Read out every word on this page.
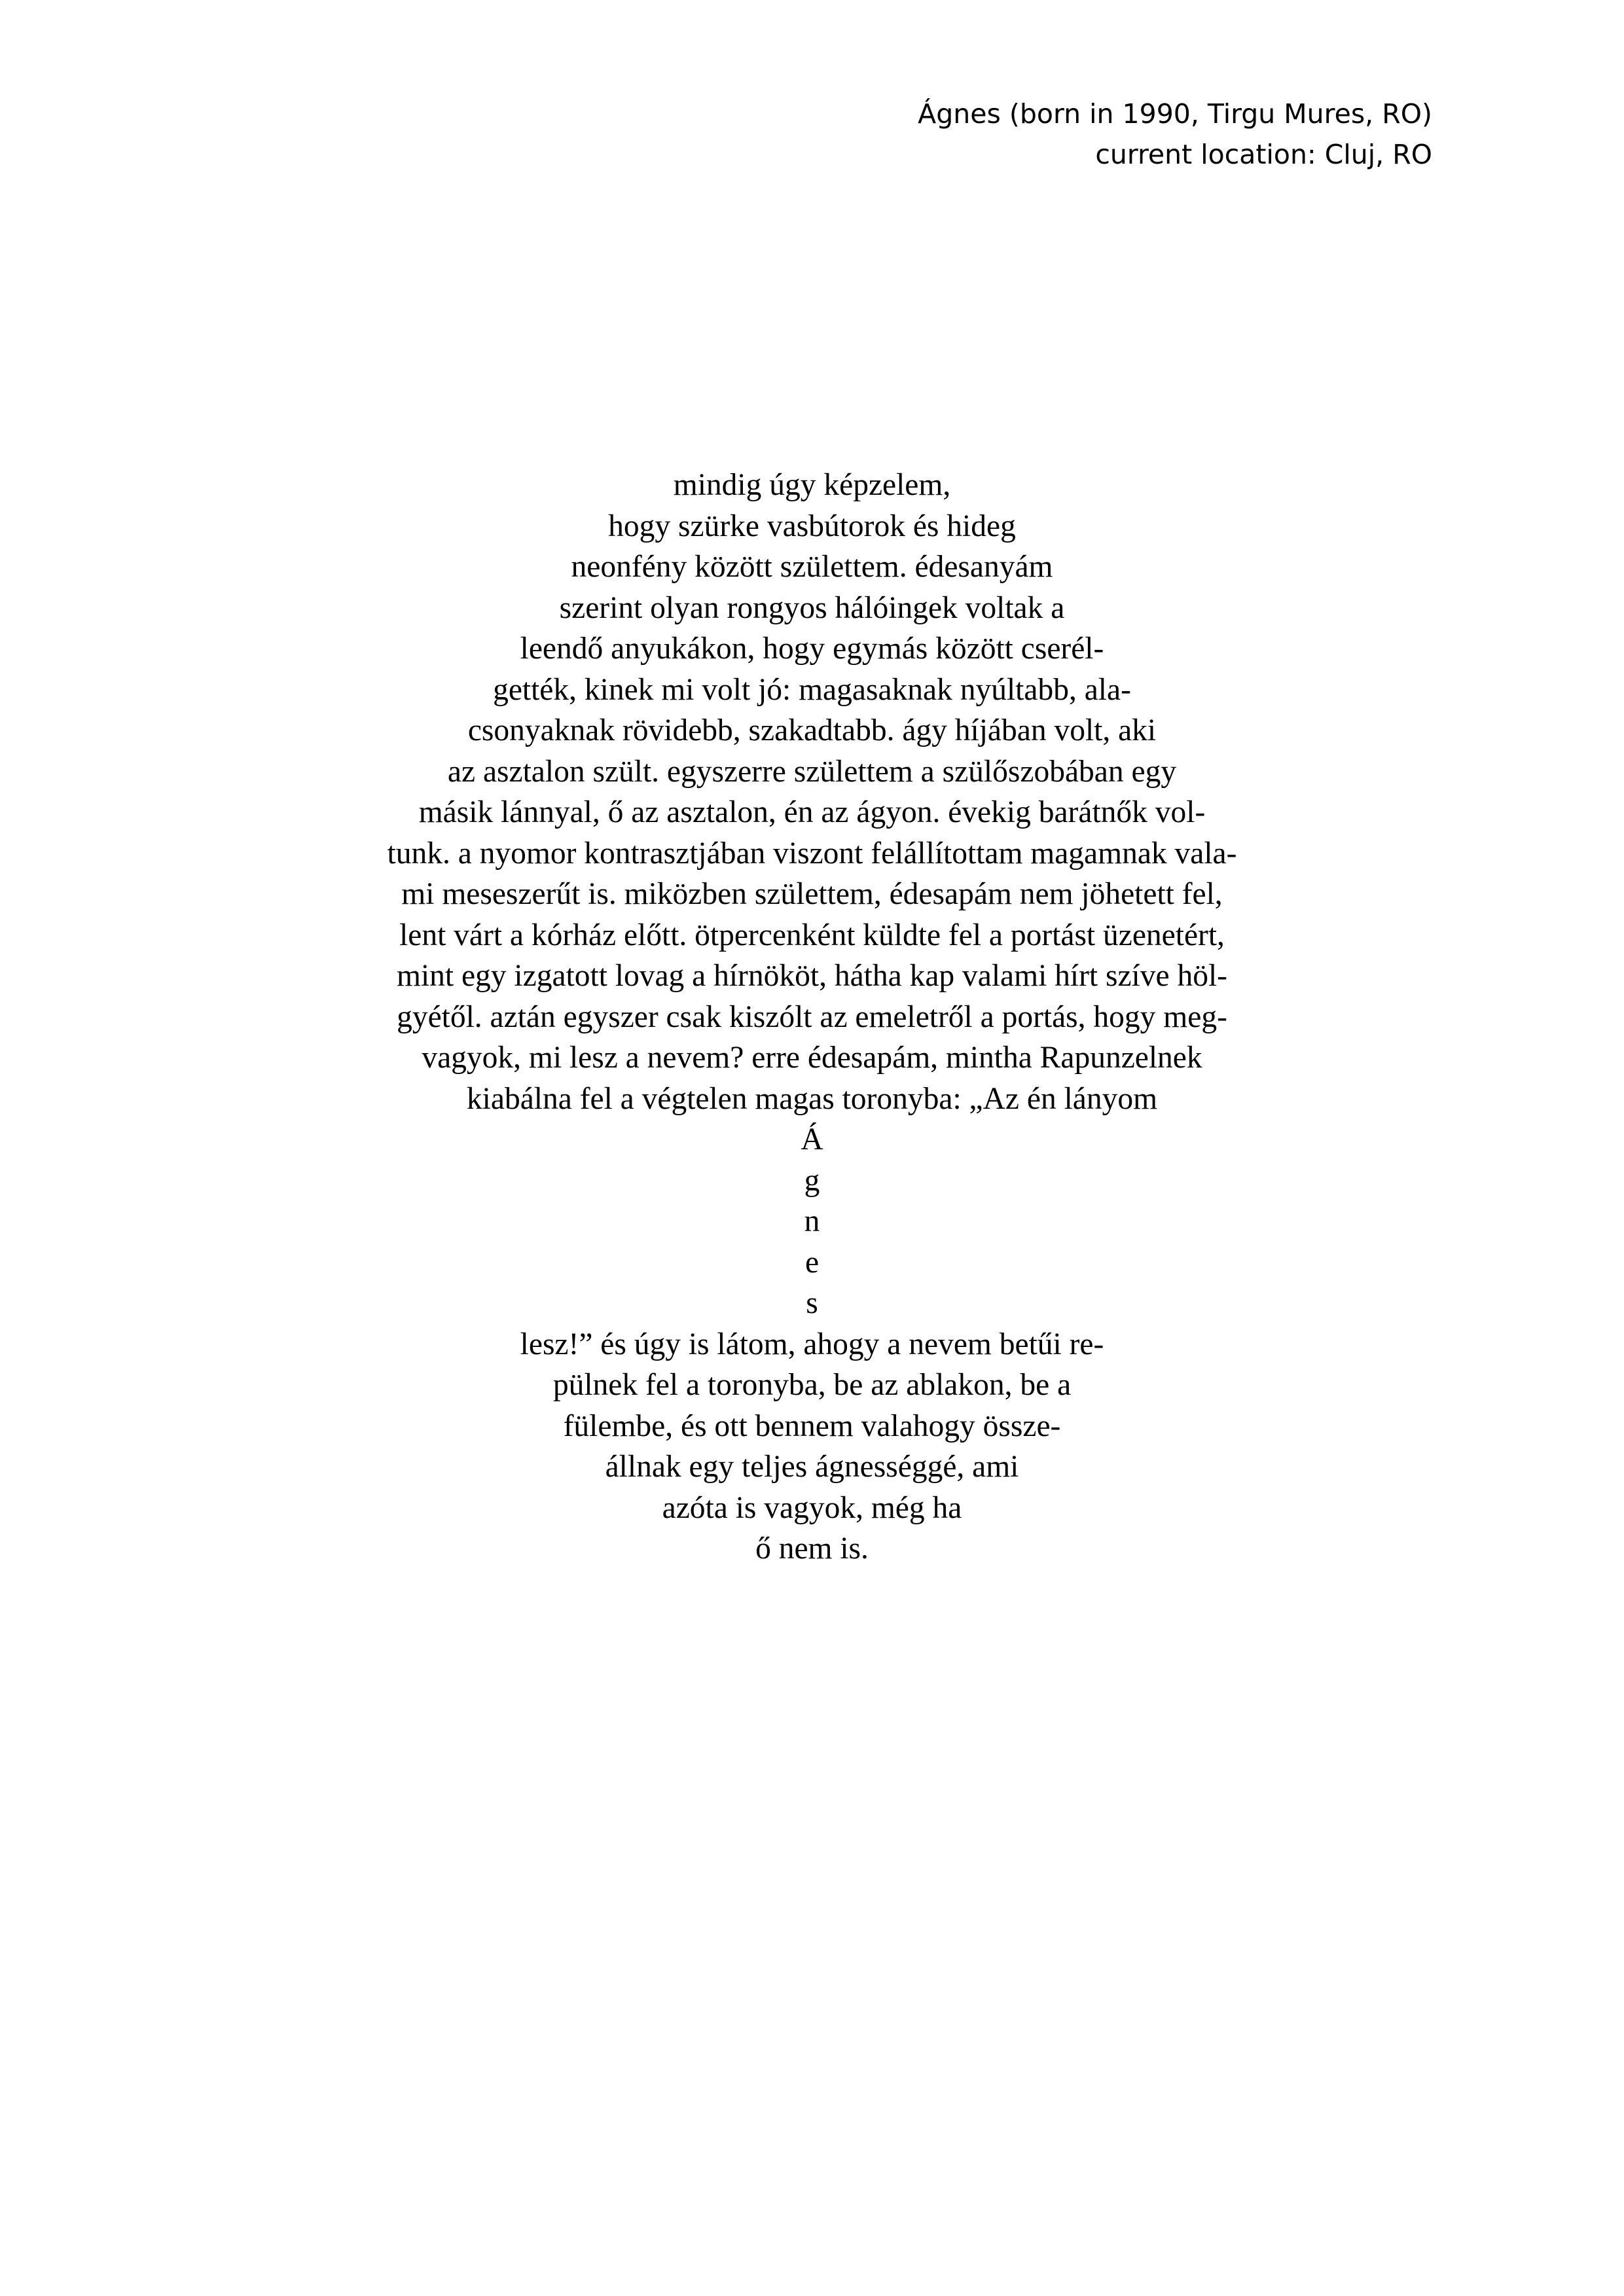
Ágnes (born in 1990, Tirgu Mures, RO)
current location: Cluj, RO
mindig úgy képzelem,
hogy szürke vasbútorok és hideg
neonfény között születtem. édesanyám
szerint olyan rongyos hálóingek voltak a
leendő anyukákon, hogy egymás között cserél-
gették, kinek mi volt jó: magasaknak nyúltabb, ala-
csonyaknak rövidebb, szakadtabb. ágy híjában volt, aki
az asztalon szült. egyszerre születtem a szülőszobában egy
másik lánnyal, ő az asztalon, én az ágyon. évekig barátnők vol-
tunk. a nyomor kontrasztjában viszont felállítottam magamnak vala-
mi meseszerűt is. miközben születtem, édesapám nem jöhetett fel,
lent várt a kórház előtt. ötpercenként küldte fel a portást üzenetért,
mint egy izgatott lovag a hírnököt, hátha kap valami hírt szíve höl-
gyétől. aztán egyszer csak kiszólt az emeletről a portás, hogy meg-
vagyok, mi lesz a nevem? erre édesapám, mintha Rapunzelnek
kiabálna fel a végtelen magas toronyba: „Az én lányom
Á
g
n
e
s
lesz!” és úgy is látom, ahogy a nevem betűi re-
pülnek fel a toronyba, be az ablakon, be a
fülembe, és ott bennem valahogy össze-
állnak egy teljes ágnességgé, ami
azóta is vagyok, még ha
ő nem is.
